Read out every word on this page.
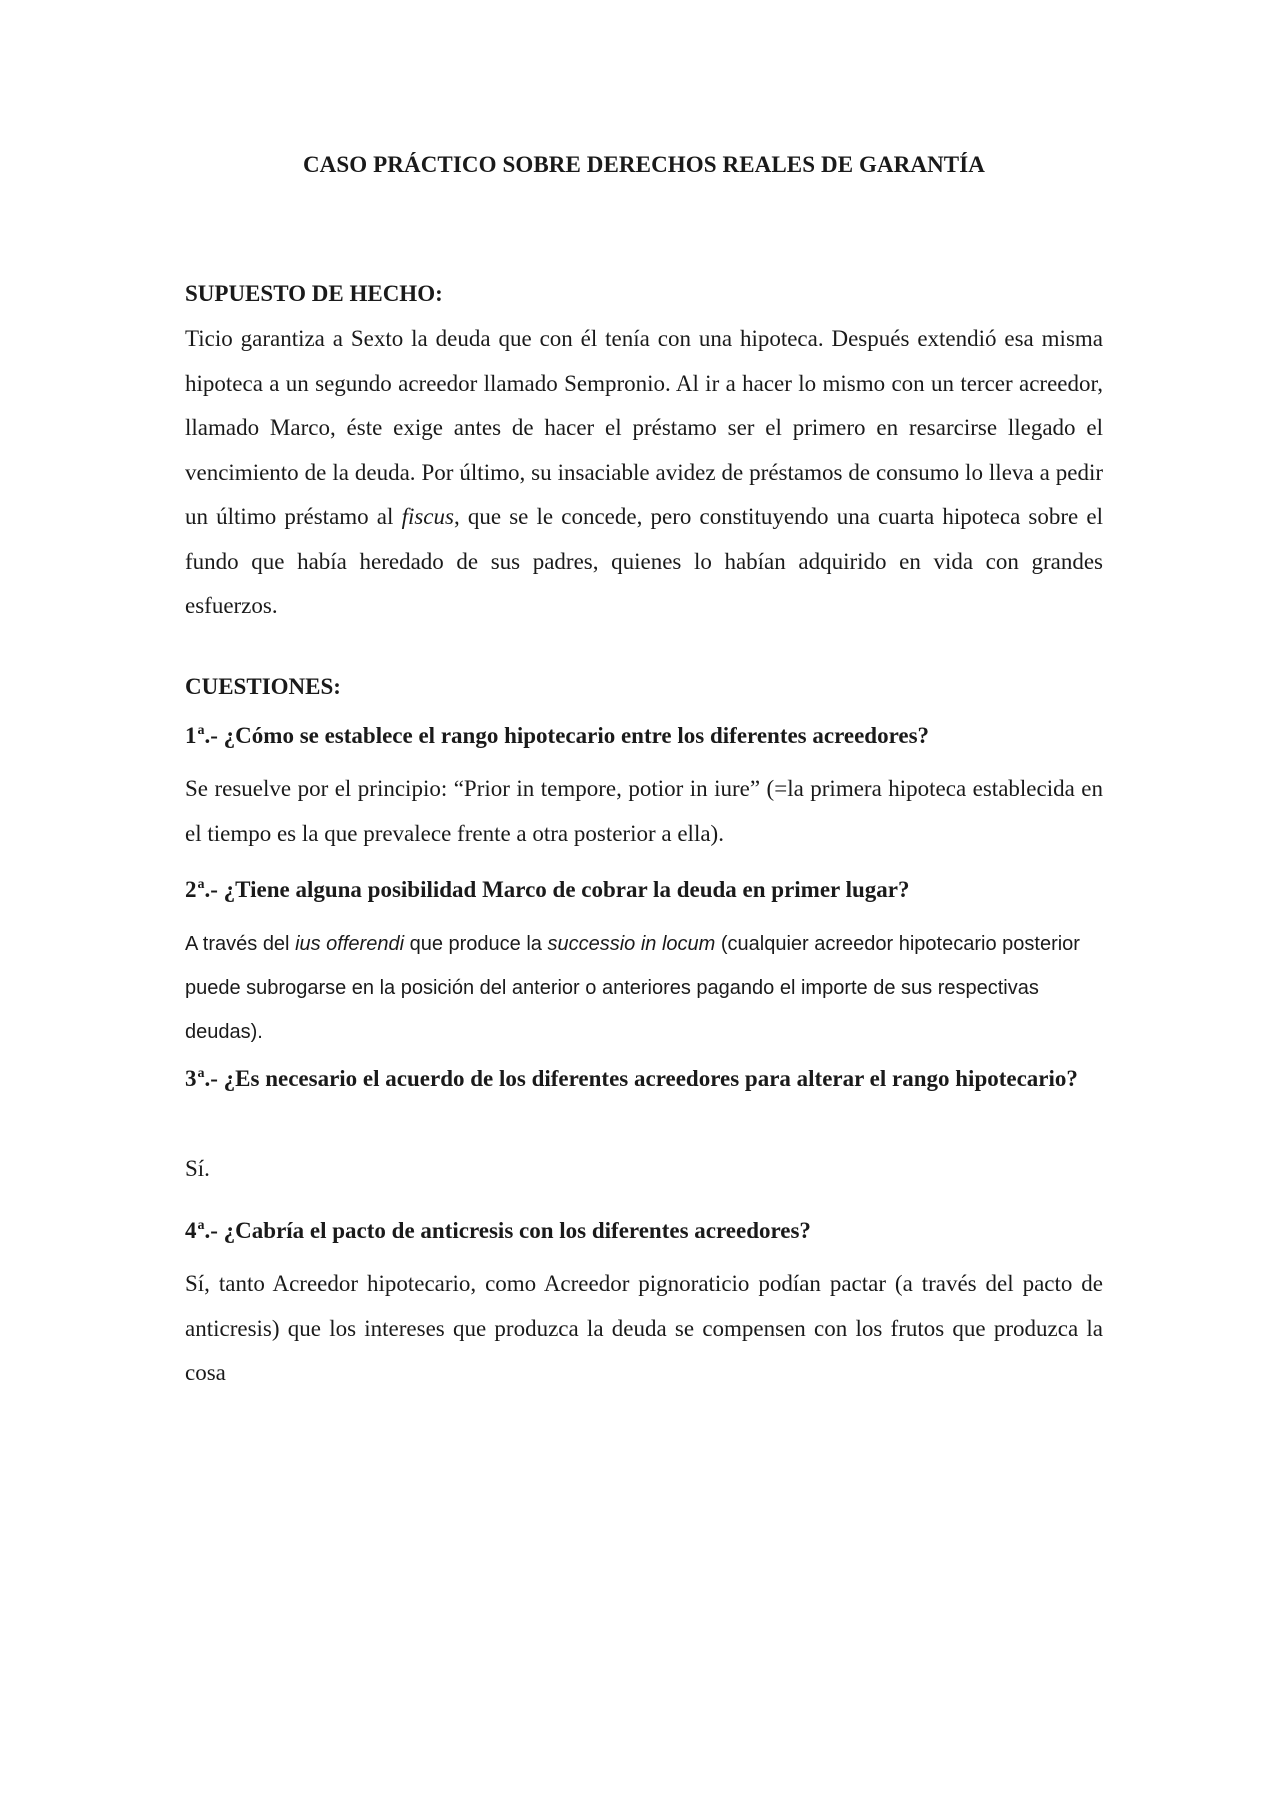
CASO PRÁCTICO SOBRE DERECHOS REALES DE GARANTÍA
SUPUESTO DE HECHO:
Ticio garantiza a Sexto la deuda que con él tenía con una hipoteca. Después extendió esa misma hipoteca a un segundo acreedor llamado Sempronio. Al ir a hacer lo mismo con un tercer acreedor, llamado Marco, éste exige antes de hacer el préstamo ser el primero en resarcirse llegado el vencimiento de la deuda. Por último, su insaciable avidez de préstamos de consumo lo lleva a pedir un último préstamo al fiscus, que se le concede, pero constituyendo una cuarta hipoteca sobre el fundo que había heredado de sus padres, quienes lo habían adquirido en vida con grandes esfuerzos.
CUESTIONES:
1$^a$.- ¿Cómo se establece el rango hipotecario entre los diferentes acreedores?
Se resuelve por el principio: “Prior in tempore, potior in iure” (=la primera hipoteca establecida en el tiempo es la que prevalece frente a otra posterior a ella).
2$^a$.- ¿Tiene alguna posibilidad Marco de cobrar la deuda en primer lugar?
A través del ius offerendi que produce la successio in locum (cualquier acreedor hipotecario posterior puede subrogarse en la posición del anterior o anteriores pagando el importe de sus respectivas deudas).
3$^a$.- ¿Es necesario el acuerdo de los diferentes acreedores para alterar el rango hipotecario?
Sí.
4$^a$.- ¿Cabría el pacto de anticresis con los diferentes acreedores?
Sí, tanto Acreedor hipotecario, como Acreedor pignoraticio podían pactar (a través del pacto de anticresis) que los intereses que produzca la deuda se compensen con los frutos que produzca la cosa
